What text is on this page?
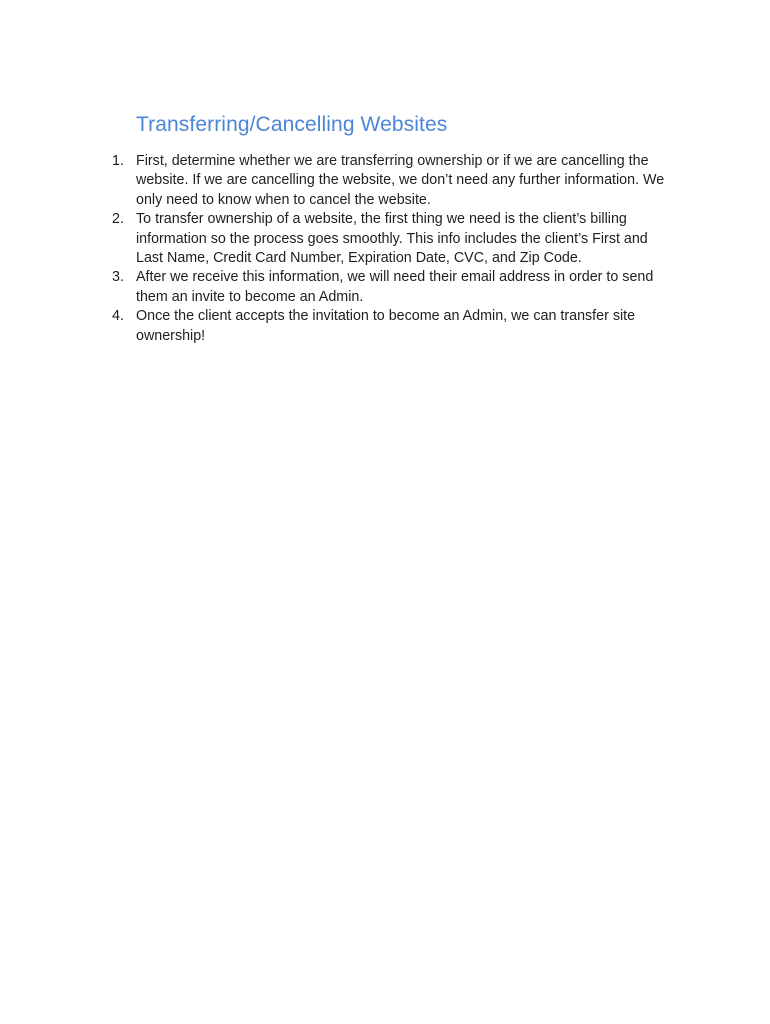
Transferring/Cancelling Websites
1. First, determine whether we are transferring ownership or if we are cancelling the website. If we are cancelling the website, we don’t need any further information. We only need to know when to cancel the website.
2. To transfer ownership of a website, the first thing we need is the client’s billing information so the process goes smoothly. This info includes the client’s First and Last Name, Credit Card Number, Expiration Date, CVC, and Zip Code.
3. After we receive this information, we will need their email address in order to send them an invite to become an Admin.
4. Once the client accepts the invitation to become an Admin, we can transfer site ownership!
